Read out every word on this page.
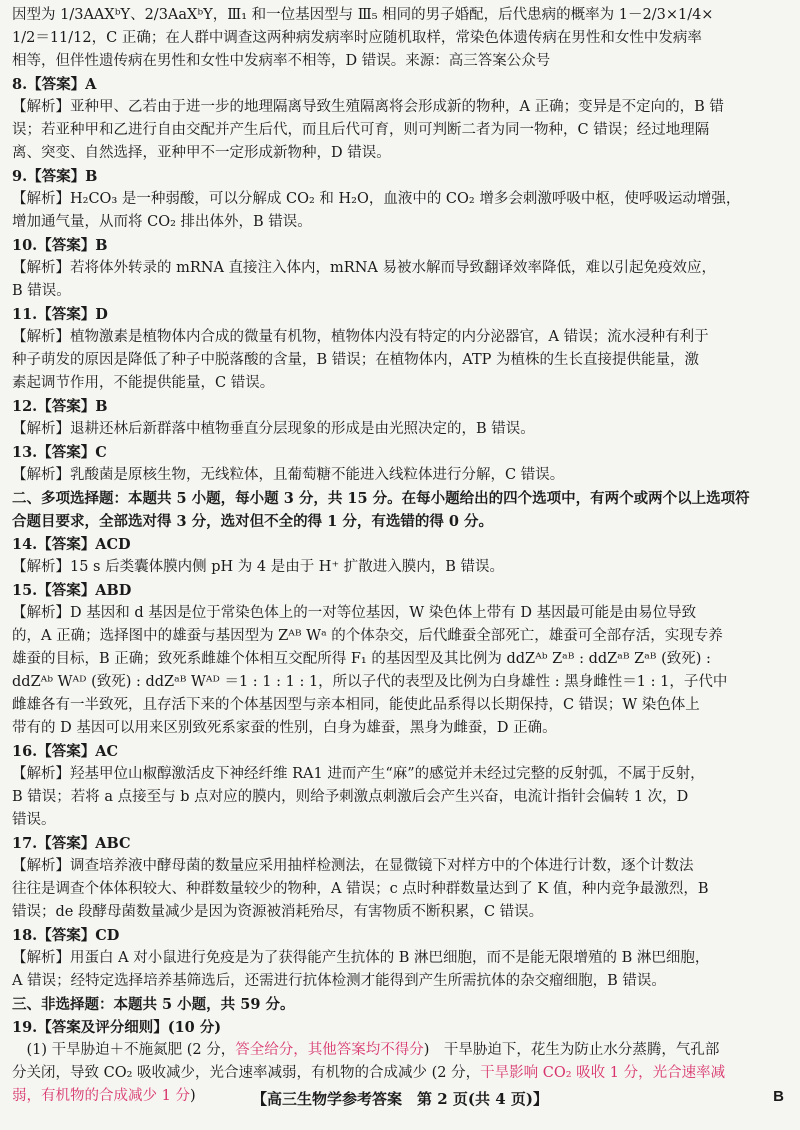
因型为 1/3AAXᵇY、2/3AaXᵇY，Ⅲ₁ 和一位基因型与 Ⅲ₅ 相同的男子婚配，后代患病的概率为 1－2/3×1/4×
1/2＝11/12，C 正确；在人群中调查这两种病发病率时应随机取样，常染色体遗传病在男性和女性中发病率
相等，但伴性遗传病在男性和女性中发病率不相等，D 错误。来源：高三答案公众号
8.【答案】A
【解析】亚种甲、乙若由于进一步的地理隔离导致生殖隔离将会形成新的物种，A 正确；变异是不定向的，B 错
误；若亚种甲和乙进行自由交配并产生后代，而且后代可育，则可判断二者为同一物种，C 错误；经过地理隔
离、突变、自然选择，亚种甲不一定形成新物种，D 错误。
9.【答案】B
【解析】H₂CO₃ 是一种弱酸，可以分解成 CO₂ 和 H₂O，血液中的 CO₂ 增多会刺激呼吸中枢，使呼吸运动增强，
增加通气量，从而将 CO₂ 排出体外，B 错误。
10.【答案】B
【解析】若将体外转录的 mRNA 直接注入体内，mRNA 易被水解而导致翻译效率降低，难以引起免疫效应，
B 错误。
11.【答案】D
【解析】植物激素是植物体内合成的微量有机物，植物体内没有特定的内分泌器官，A 错误；流水浸种有利于
种子萌发的原因是降低了种子中脱落酸的含量，B 错误；在植物体内，ATP 为植株的生长直接提供能量，激
素起调节作用，不能提供能量，C 错误。
12.【答案】B
【解析】退耕还林后新群落中植物垂直分层现象的形成是由光照决定的，B 错误。
13.【答案】C
【解析】乳酸菌是原核生物，无线粒体，且葡萄糖不能进入线粒体进行分解，C 错误。
二、多项选择题：本题共 5 小题，每小题 3 分，共 15 分。在每小题给出的四个选项中，有两个或两个以上选项符
合题目要求，全部选对得 3 分，选对但不全的得 1 分，有选错的得 0 分。
14.【答案】ACD
【解析】15 s 后类囊体膜内侧 pH 为 4 是由于 H⁺ 扩散进入膜内，B 错误。
15.【答案】ABD
【解析】D 基因和 d 基因是位于常染色体上的一对等位基因，W 染色体上带有 D 基因最可能是由易位导致
的，A 正确；选择图中的雄蚕与基因型为 Zᴬᴮ Wᵃ 的个体杂交，后代雌蚕全部死亡，雄蚕可全部存活，实现专养
雄蚕的目标，B 正确；致死系雌雄个体相互交配所得 F₁ 的基因型及其比例为 ddZᴬᵇ Zᵃᴮ : ddZᵃᴮ Zᵃᴮ (致死) :
ddZᴬᵇ Wᴬᴰ (致死) : ddZᵃᴮ Wᴬᴰ ＝1 : 1 : 1 : 1，所以子代的表型及比例为白身雄性 : 黑身雌性＝1 : 1，子代中
雌雄各有一半致死，且存活下来的个体基因型与亲本相同，能使此品系得以长期保持，C 错误；W 染色体上
带有的 D 基因可以用来区别致死系家蚕的性别，白身为雄蚕，黑身为雌蚕，D 正确。
16.【答案】AC
【解析】羟基甲位山椒醇激活皮下神经纤维 RA1 进而产生“麻”的感觉并未经过完整的反射弧，不属于反射，
B 错误；若将 a 点接至与 b 点对应的膜内，则给予刺激点刺激后会产生兴奋，电流计指针会偏转 1 次，D
错误。
17.【答案】ABC
【解析】调查培养液中酵母菌的数量应采用抽样检测法，在显微镜下对样方中的个体进行计数，逐个计数法
往往是调查个体体积较大、种群数量较少的物种，A 错误；c 点时种群数量达到了 K 值，种内竞争最激烈，B
错误；de 段酵母菌数量减少是因为资源被消耗殆尽，有害物质不断积累，C 错误。
18.【答案】CD
【解析】用蛋白 A 对小鼠进行免疫是为了获得能产生抗体的 B 淋巴细胞，而不是能无限增殖的 B 淋巴细胞，
A 错误；经特定选择培养基筛选后，还需进行抗体检测才能得到产生所需抗体的杂交瘤细胞，B 错误。
三、非选择题：本题共 5 小题，共 59 分。
19.【答案及评分细则】(10 分)
　(1) 干旱胁迫＋不施氮肥 (2 分，答全给分，其他答案均不得分)　干旱胁迫下，花生为防止水分蒸腾，气孔部
分关闭，导致 CO₂ 吸收减少，光合速率减弱，有机物的合成减少 (2 分，干旱影响 CO₂ 吸收 1 分，光合速率减
弱，有机物的合成减少 1 分)	【高三生物学参考答案　第 2 页(共 4 页)】	B
